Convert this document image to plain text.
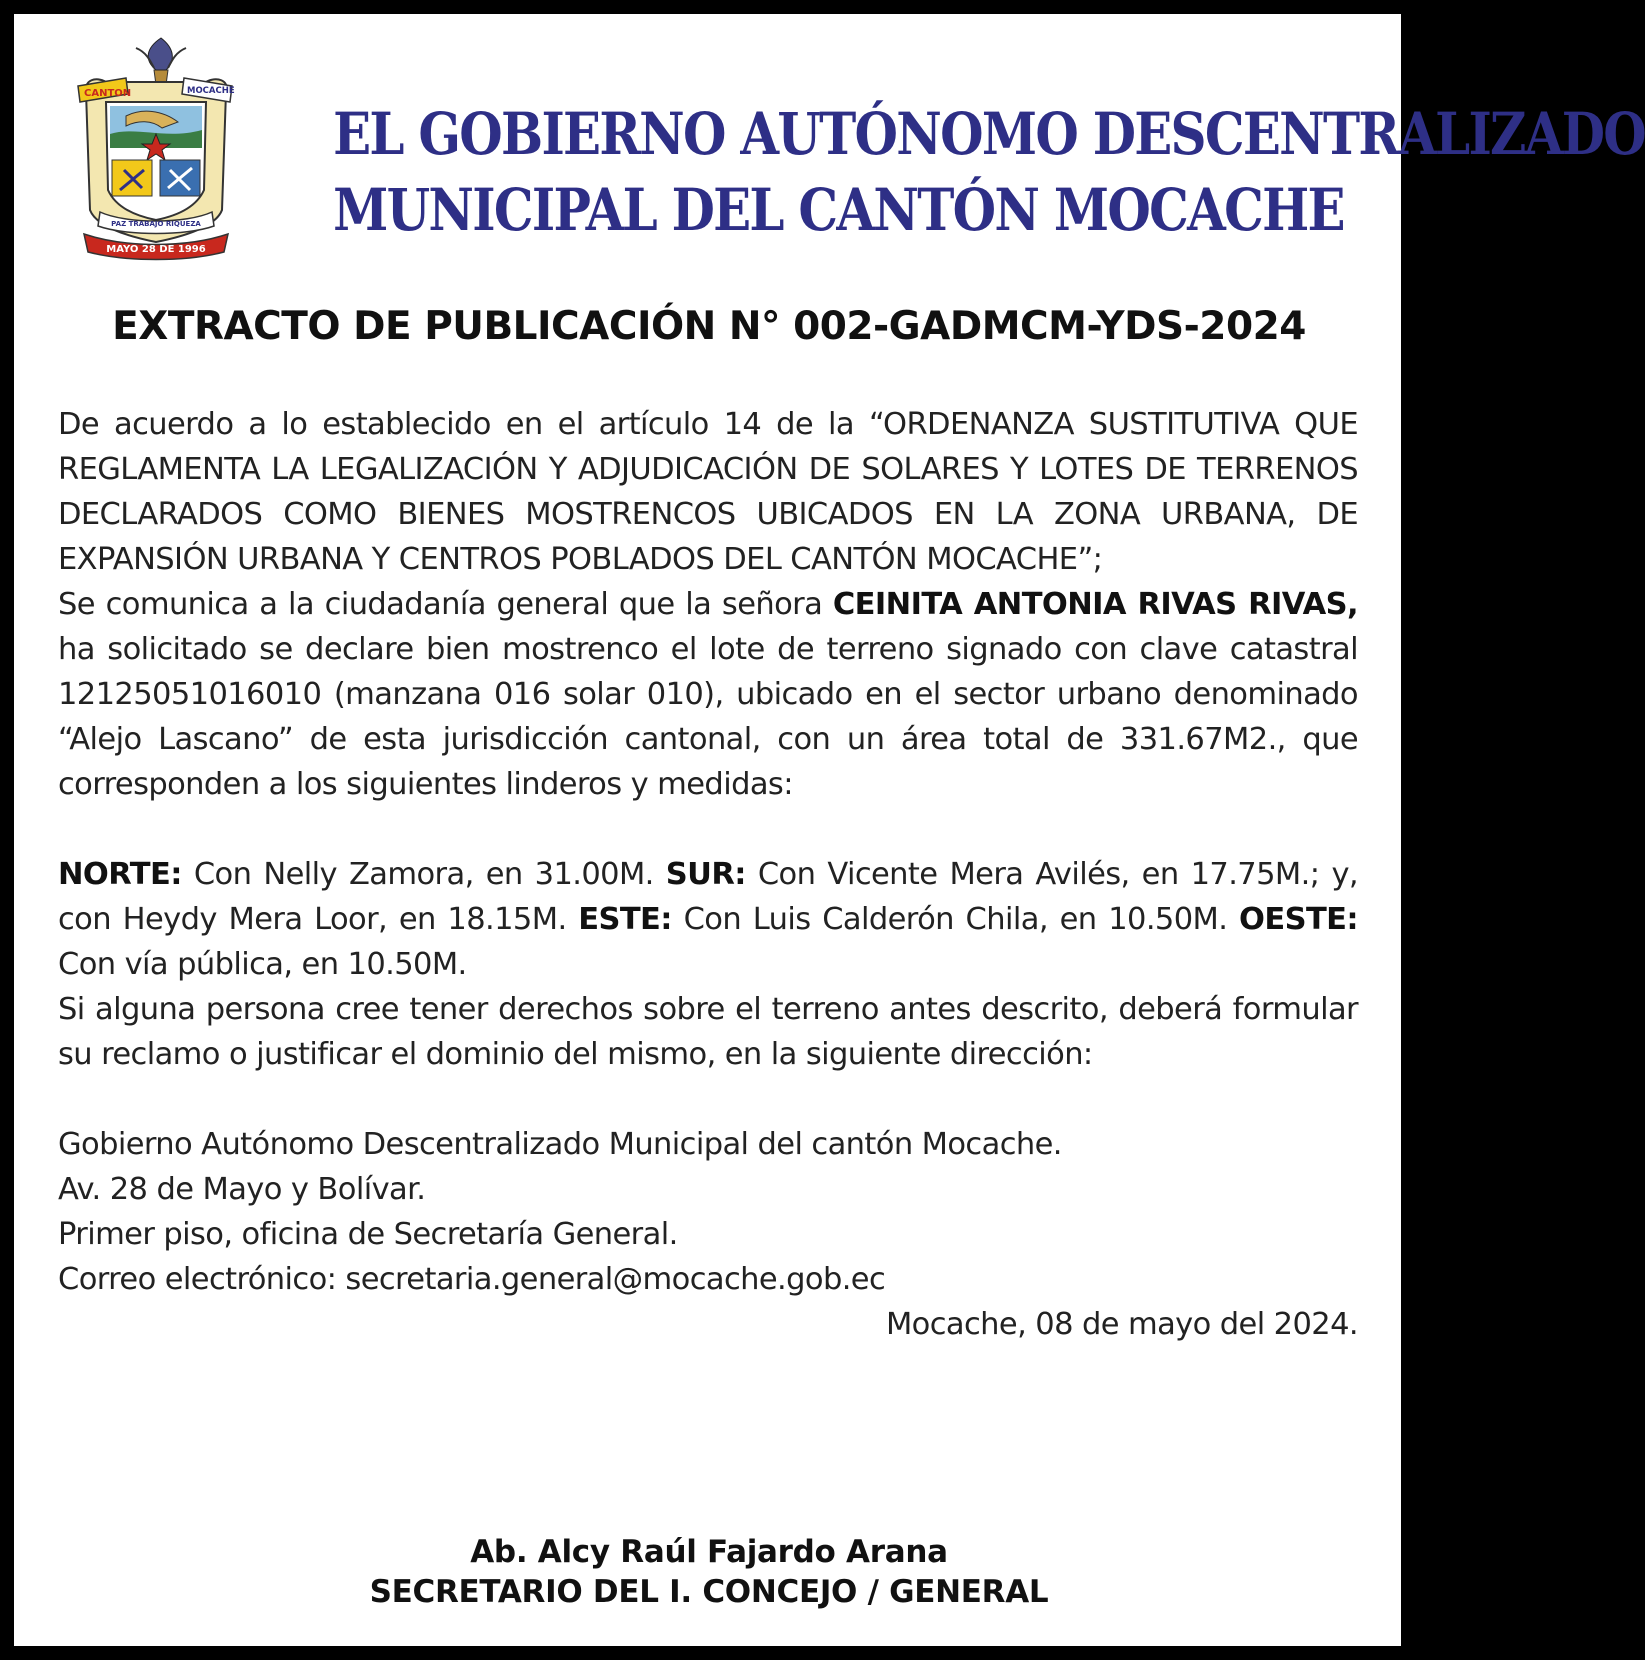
CANTON	MOCACHE
PAZ TRABAJO RIQUEZA
MAYO 28 DE 1996
EL GOBIERNO AUTÓNOMO DESCENTRALIZADO
MUNICIPAL DEL CANTÓN MOCACHE
EXTRACTO DE PUBLICACIÓN N° 002-GADMCM-YDS-2024

De acuerdo a lo establecido en el artículo 14 de la “ORDENANZA SUSTITUTIVA QUE REGLAMENTA LA LEGALIZACIÓN Y ADJUDICACIÓN DE SOLARES Y LOTES DE TERRENOS DECLARADOS COMO BIENES MOSTRENCOS UBICADOS EN LA ZONA URBANA, DE EXPANSIÓN URBANA Y CENTROS POBLADOS DEL CANTÓN MOCACHE”;

Se comunica a la ciudadanía general que la señora CEINITA ANTONIA RIVAS RIVAS, ha solicitado se declare bien mostrenco el lote de terreno signado con clave catastral 12125051016010 (manzana 016 solar 010), ubicado en el sector urbano denominado “Alejo Lascano” de esta jurisdicción cantonal, con un área total de 331.67M2., que corresponden a los siguientes linderos y medidas:

NORTE: Con Nelly Zamora, en 31.00M. SUR: Con Vicente Mera Avilés, en 17.75M.; y, con Heydy Mera Loor, en 18.15M. ESTE: Con Luis Calderón Chila, en 10.50M. OESTE: Con vía pública, en 10.50M.

Si alguna persona cree tener derechos sobre el terreno antes descrito, deberá formular su reclamo o justificar el dominio del mismo, en la siguiente dirección:

Gobierno Autónomo Descentralizado Municipal del cantón Mocache.

Av. 28 de Mayo y Bolívar.

Primer piso, oficina de Secretaría General.

Correo electrónico: secretaria.general@mocache.gob.ec

Mocache, 08 de mayo del 2024.

Ab. Alcy Raúl Fajardo Arana
SECRETARIO DEL I. CONCEJO / GENERAL
